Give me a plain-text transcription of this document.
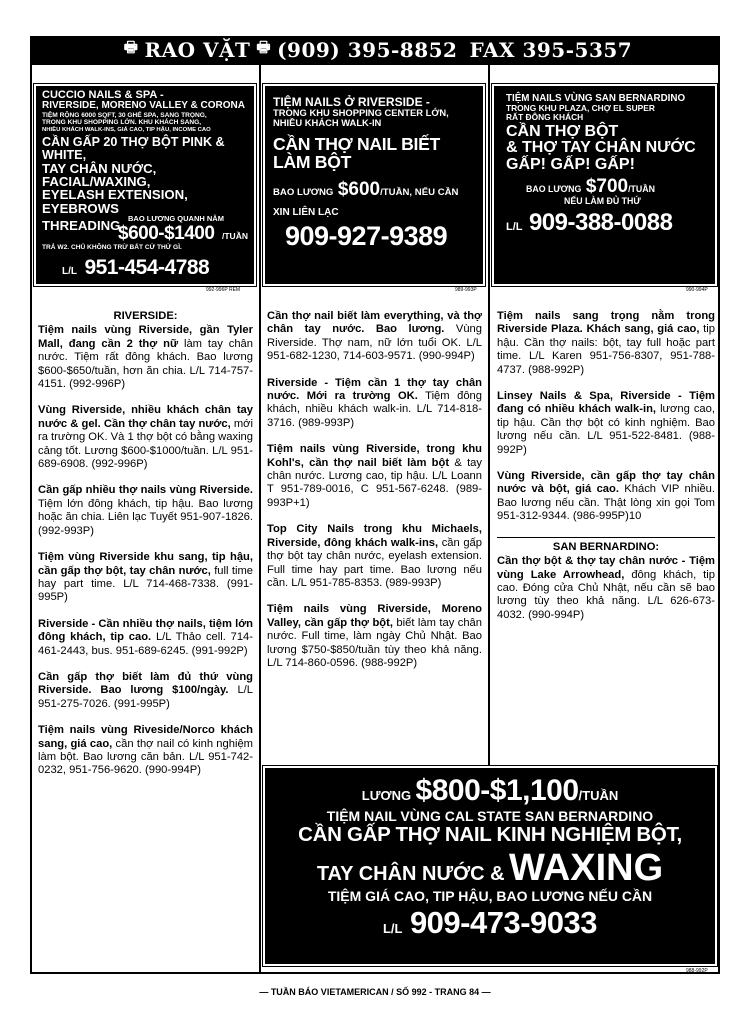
🖶 RAO VẶT 🖶 (909) 395-8852 FAX 395-5357
CUCCIO NAILS & SPA -
RIVERSIDE, MORENO VALLEY & CORONA
TIỆM RỘNG 6000 SQFT, 30 GHẾ SPA, SANG TRỌNG,
TRONG KHU SHOPPING LỚN. KHU KHÁCH SANG,
NHIỀU KHÁCH WALK-INS, GIÁ CAO, TIP HẬU, INCOME CAO
CẦN GẤP 20 THỢ BỘT PINK & WHITE,
TAY CHÂN NƯỚC, FACIAL/WAXING,
EYELASH EXTENSION, EYEBROWS
THREADING BAO LƯƠNG QUANH NĂM
$600-$1400 /TUẦN
TRẢ W2. CHỦ KHÔNG TRỪ BẤT CỨ THỨ GÌ.
L/L 951-454-4788
992-996P REM
TIỆM NAILS Ở RIVERSIDE -
TRONG KHU SHOPPING CENTER LỚN,
NHIỀU KHÁCH WALK-IN
CẦN THỢ NAIL BIẾT LÀM BỘT
BAO LƯƠNG $600/TUẦN, NẾU CẦN
XIN LIÊN LẠC
909-927-9389
989-993P
TIỆM NAILS VÙNG SAN BERNARDINO
TRONG KHU PLAZA, CHỢ EL SUPER
RẤT ĐÔNG KHÁCH
CẦN THỢ BỘT
& THỢ TAY CHÂN NƯỚC
GẤP! GẤP! GẤP!
BAO LƯƠNG $700/TUẦN
NẾU LÀM ĐỦ THỨ
L/L 909-388-0088
990-994P
RIVERSIDE:

Tiệm nails vùng Riverside, gần Tyler Mall, đang cần 2 thợ nữ làm tay chân nước. Tiệm rất đông khách. Bao lương $600-$650/tuần, hơn ăn chia. L/L 714-757-4151. (992-996P)

Vùng Riverside, nhiều khách chân tay nước & gel. Cần thợ chân tay nước, mới ra trường OK. Và 1 thợ bột có bằng waxing cảng tốt. Lương $600-$1000/tuần. L/L 951-689-6908. (992-996P)

Cần gấp nhiều thợ nails vùng Riverside. Tiệm lớn đông khách, tip hậu. Bao lương hoặc ăn chia. Liên lạc Tuyết 951-907-1826. (992-993P)

Tiệm vùng Riverside khu sang, tip hậu, cần gấp thợ bột, tay chân nước, full time hay part time. L/L 714-468-7338. (991-995P)

Riverside - Cần nhiều thợ nails, tiệm lớn đông khách, tip cao. L/L Thảo cell. 714-461-2443, bus. 951-689-6245. (991-992P)

Cần gấp thợ biết làm đủ thứ vùng Riverside. Bao lương $100/ngày. L/L 951-275-7026. (991-995P)

Tiệm nails vùng Riveside/Norco khách sang, giá cao, cần thợ nail có kinh nghiệm làm bột. Bao lương căn bản. L/L 951-742-0232, 951-756-9620. (990-994P)

Cần thợ nail biết làm everything, và thợ chân tay nước. Bao lương. Vùng Riverside. Thợ nam, nữ lớn tuổi OK. L/L 951-682-1230, 714-603-9571. (990-994P)

Riverside - Tiệm cần 1 thợ tay chân nước. Mới ra trường OK. Tiệm đông khách, nhiều khách walk-in. L/L 714-818-3716. (989-993P)

Tiệm nails vùng Riverside, trong khu Kohl's, cần thợ nail biết làm bột & tay chân nước. Lương cao, tip hậu. L/L Loann T 951-789-0016, C 951-567-6248. (989-993P+1)

Top City Nails trong khu Michaels, Riverside, đông khách walk-ins, cần gấp thợ bột tay chân nước, eyelash extension. Full time hay part time. Bao lương nếu cần. L/L 951-785-8353. (989-993P)

Tiệm nails vùng Riverside, Moreno Valley, cần gấp thợ bột, biết làm tay chân nước. Full time, làm ngày Chủ Nhật. Bao lương $750-$850/tuần tùy theo khả năng. L/L 714-860-0596. (988-992P)

Tiệm nails sang trọng nằm trong Riverside Plaza. Khách sang, giá cao, tip hậu. Cần thợ nails: bột, tay full hoặc part time. L/L Karen 951-756-8307, 951-788-4737. (988-992P)

Linsey Nails & Spa, Riverside - Tiệm đang có nhiều khách walk-in, lương cao, tip hậu. Cần thợ bột có kinh nghiệm. Bao lương nếu cần. L/L 951-522-8481. (988-992P)

Vùng Riverside, cần gấp thợ tay chân nước và bột, giá cao. Khách VIP nhiều. Bao lương nếu cần. Thật lòng xin gọi Tom 951-312-9344. (986-995P)10

SAN BERNARDINO:

Cần thợ bột & thợ tay chân nước - Tiệm vùng Lake Arrowhead, đông khách, tip cao. Đóng cửa Chủ Nhật, nếu cần sẽ bao lương tùy theo khả năng. L/L 626-673-4032. (990-994P)

LƯƠNG $800-$1,100/TUẦN
TIỆM NAIL VÙNG CAL STATE SAN BERNARDINO
CẦN GẤP THỢ NAIL KINH NGHIỆM BỘT,
TAY CHÂN NƯỚC & WAXING
TIỆM GIÁ CAO, TIP HẬU, BAO LƯƠNG NẾU CẦN
L/L 909-473-9033
988-992P
— TUẦN BÁO VIETAMERICAN / SỐ 992 - TRANG 84 —
